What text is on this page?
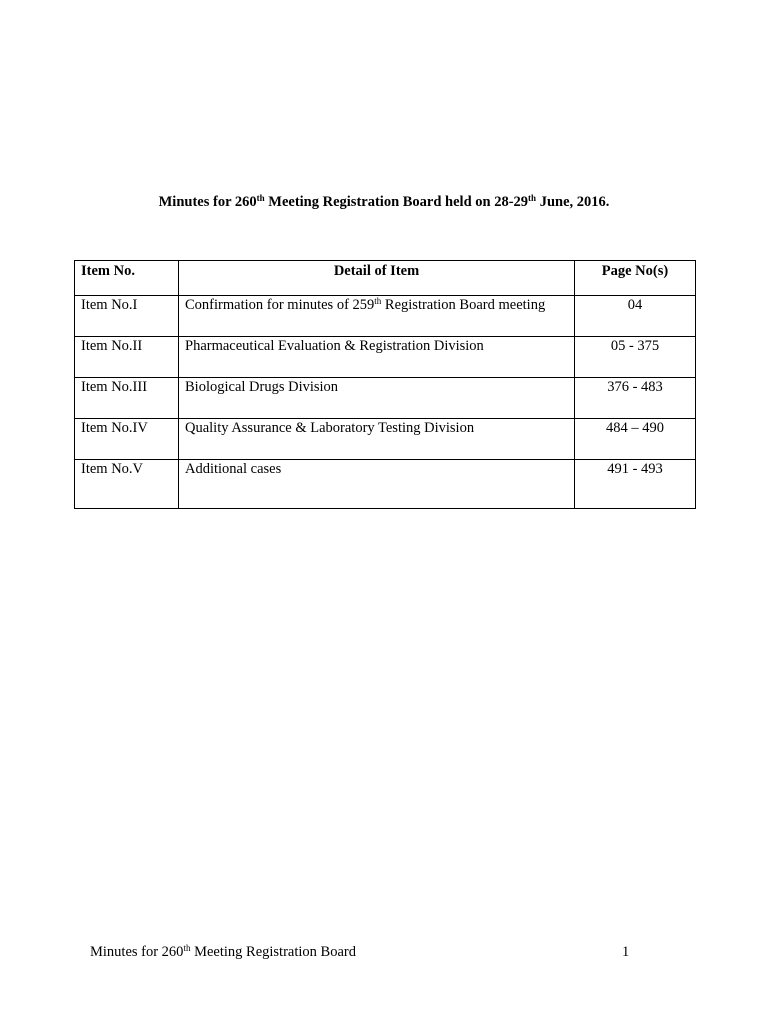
Minutes for 260th Meeting Registration Board held on 28-29th June, 2016.
Item No.	Detail of Item	Page No(s)
Item No.I	Confirmation for minutes of 259th Registration Board meeting	04
Item No.II	Pharmaceutical Evaluation & Registration Division	05 - 375
Item No.III	Biological Drugs Division	376 - 483
Item No.IV	Quality Assurance & Laboratory Testing Division	484 – 490
Item No.V	Additional cases	491 - 493
Minutes for 260th Meeting Registration Board	1
